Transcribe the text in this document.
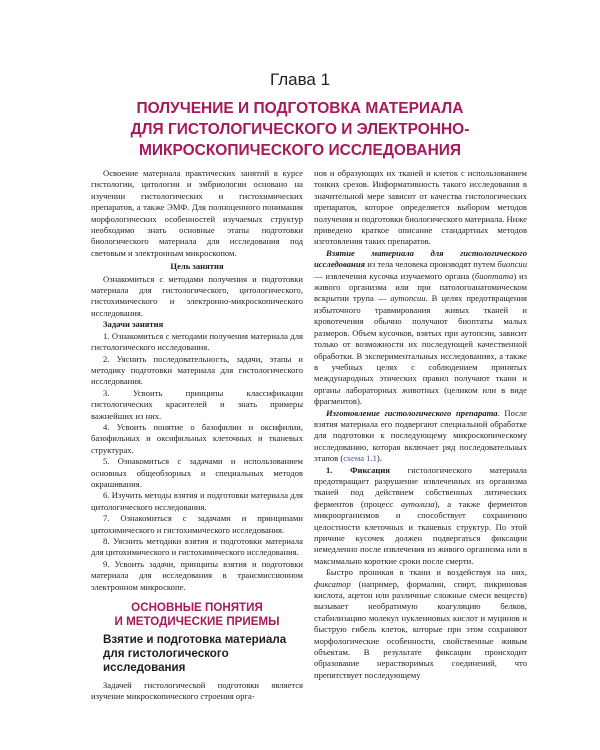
Глава 1
ПОЛУЧЕНИЕ И ПОДГОТОВКА МАТЕРИАЛА
ДЛЯ ГИСТОЛОГИЧЕСКОГО И ЭЛЕКТРОННО-
МИКРОСКОПИЧЕСКОГО ИССЛЕДОВАНИЯ

Освоение материала практических занятий в курсе гистологии, цитологии и эмбриологии основано на изучении гистологических и гистохимических препаратов, а также ЭМФ. Для полноценного понимания морфологических особенностей изучаемых структур необходимо знать основные этапы подготовки биологического материала для исследования под световым и электронным микроскопом.

Цель занятия

Ознакомиться с методами получения и подготовки материала для гистологического, цитологического, гистохимического и электронно-микроскопического исследования.

Задачи занятия

1. Ознакомиться с методами получения материала для гистологического исследования.

2. Уяснить последовательность, задачи, этапы и методику подготовки материала для гистологического исследования.

3. Усвоить принципы классификации гистологических красителей и знать примеры важнейших из них.

4. Усвоить понятие о базофилии и оксифилии, базофильных и оксифильных клеточных и тканевых структурах.

5. Ознакомиться с задачами и использованием основных общеобзорных и специальных методов окрашивания.

6. Изучить методы взятия и подготовки материала для цитологического исследования.

7. Ознакомиться с задачами и принципами цитохимического и гистохимического исследования.

8. Уяснить методики взятия и подготовки материала для цитохимического и гистохимического исследования.

9. Усвоить задачи, принципы взятия и подготовки материала для исследования в трансмиссионном электронном микроскопе.

ОСНОВНЫЕ ПОНЯТИЯ
И МЕТОДИЧЕСКИЕ ПРИЕМЫ
Взятие и подготовка материала
для гистологического исследования

Задачей гистологической подготовки является изучение микроскопического строения орга-

нов и образующих их тканей и клеток с использованием тонких срезов. Информативность такого исследования в значительной мере зависит от качества гистологических препаратов, которое определяется выбором методов получения и подготовки биологического материала. Ниже приведено краткое описание стандартных методов изготовления таких препаратов.

Взятие материала для гистологического исследования из тела человека производят путем биопсии — извлечения кусочка изучаемого органа (биоптата) из живого организма или при патологоанатомическом вскрытии трупа — аутопсии. В целях предотвращения избыточного травмирования живых тканей и кровотечения обычно получают биоптаты малых размеров. Объем кусочков, взятых при аутопсии, зависит только от возможности их последующей качественной обработки. В экспериментальных исследованиях, а также в учебных целях с соблюдением принятых международных этических правил получают ткани и органы лабораторных животных (целиком или в виде фрагментов).

Изготовление гистологического препарата. После взятия материала его подвергают специальной обработке для подготовки к последующему микроскопическому исследованию, которая включает ряд последовательных этапов (схема 1.1).

1. Фиксация гистологического материала предотвращает разрушение извлеченных из организма тканей под действием собственных литических ферментов (процесс аутолиза), а также ферментов микроорганизмов и способствует сохранению целостности клеточных и тканевых структур. По этой причине кусочек должен подвергаться фиксации немедленно после извлечения из живого организма или в максимально короткие сроки после смерти.

Быстро проникая в ткани и воздействуя на них, фиксатор (например, формалин, спирт, пикриновая кислота, ацетон или различные сложные смеси веществ) вызывает необратимую коагуляцию белков, стабилизацию молекул нуклеиновых кислот и муцинов и быструю гибель клеток, которые при этом сохраняют морфологические особенности, свойственные живым объектам. В результате фиксации происходит образование нерастворимых соединений, что препятствует последующему
